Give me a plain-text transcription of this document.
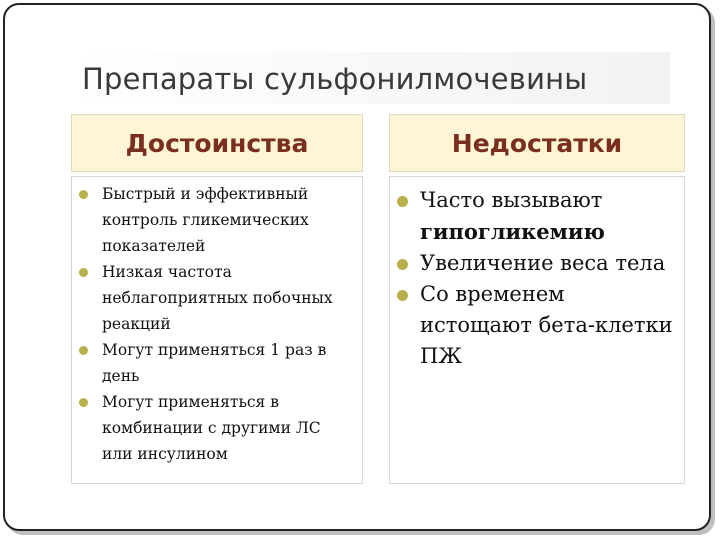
Препараты сульфонилмочевины
Достоинства	Недостатки
Быстрый и эффективный контроль гликемических показателей
Низкая частота неблагоприятных побочных реакций
Могут применяться 1 раз в день
Могут применяться в комбинации с другими ЛС или инсулином
Часто вызывают гипогликемию
Увеличение веса тела
Со временем истощают бета-клетки ПЖ
